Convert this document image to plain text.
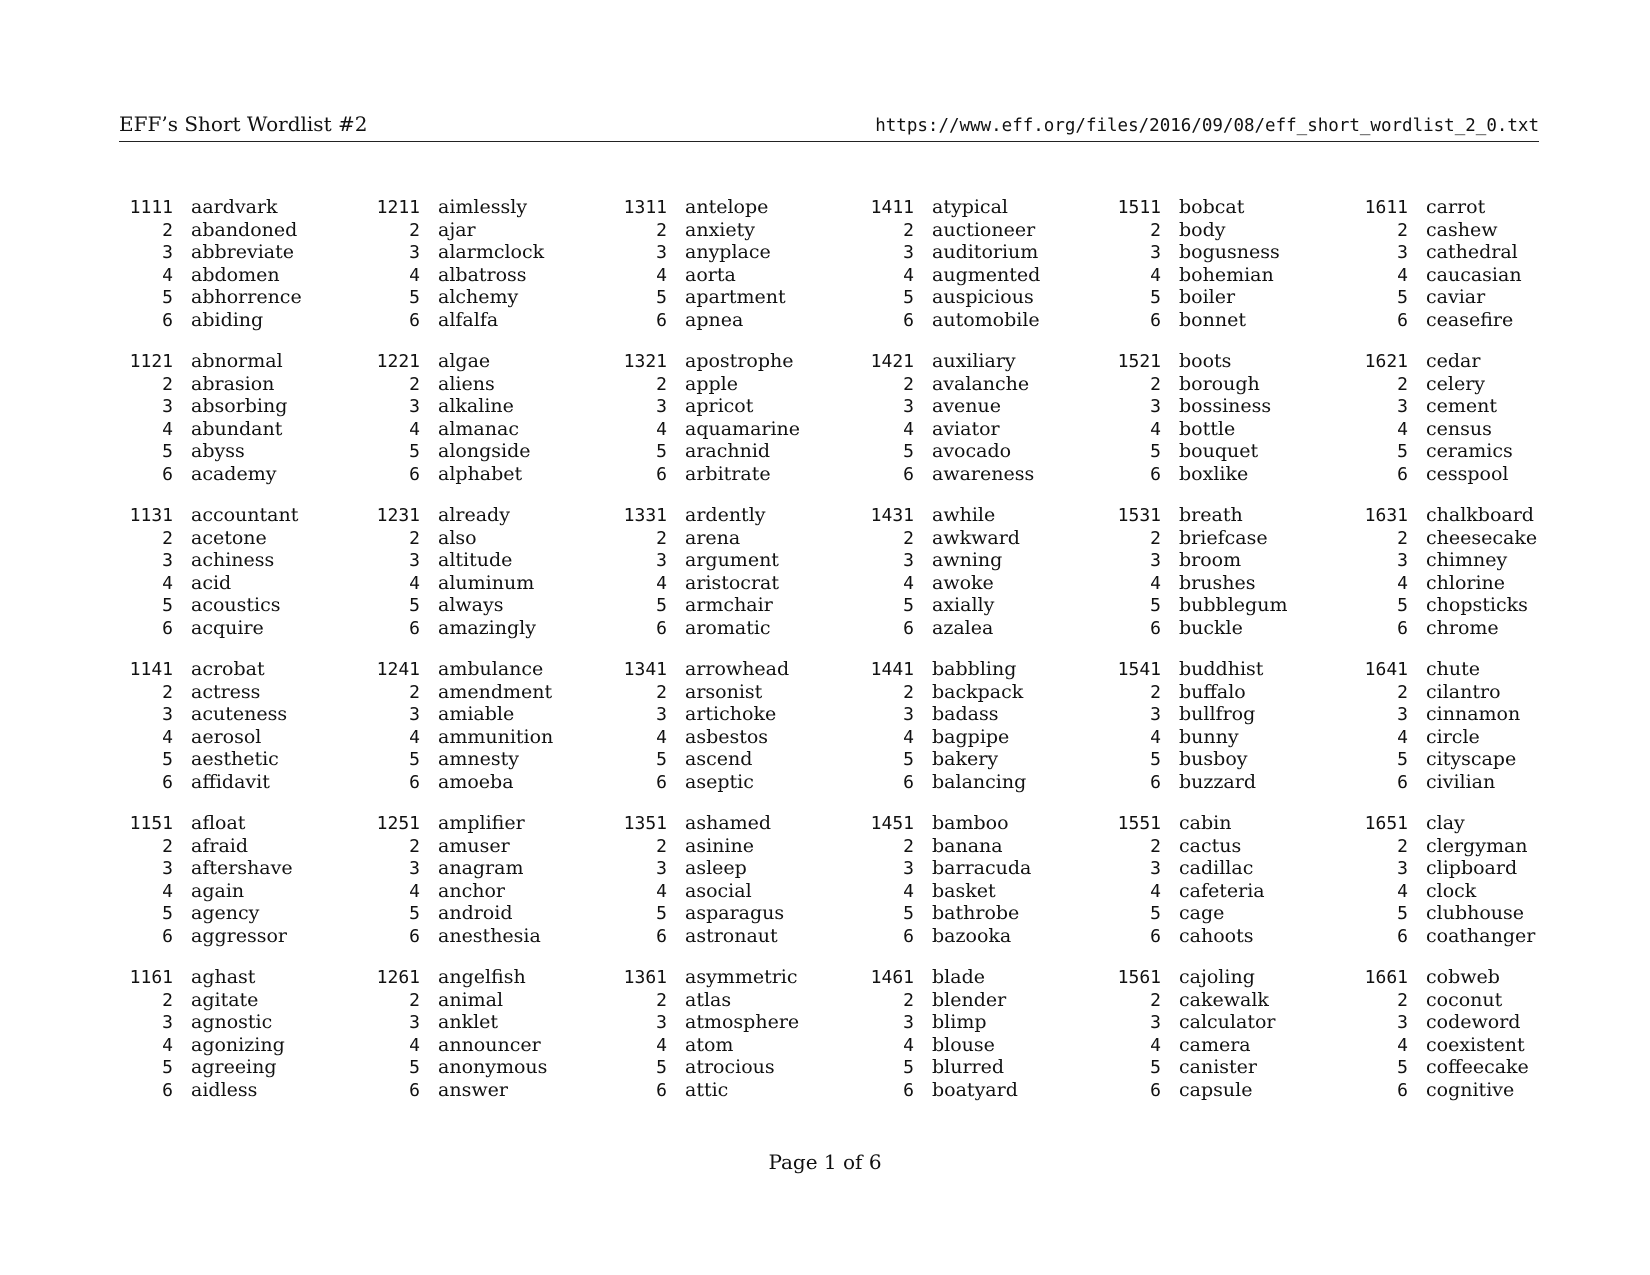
EFF’s Short Wordlist #2	https://www.eff.org/files/2016/09/08/eff_short_wordlist_2_0.txt
1111 aardvark
2 abandoned
3 abbreviate
4 abdomen
5 abhorrence
6 abiding
1121 abnormal
2 abrasion
3 absorbing
4 abundant
5 abyss
6 academy
1131 accountant
2 acetone
3 achiness
4 acid
5 acoustics
6 acquire
1141 acrobat
2 actress
3 acuteness
4 aerosol
5 aesthetic
6 affidavit
1151 afloat
2 afraid
3 aftershave
4 again
5 agency
6 aggressor
1161 aghast
2 agitate
3 agnostic
4 agonizing
5 agreeing
6 aidless
1211 aimlessly
2 ajar
3 alarmclock
4 albatross
5 alchemy
6 alfalfa
1221 algae
2 aliens
3 alkaline
4 almanac
5 alongside
6 alphabet
1231 already
2 also
3 altitude
4 aluminum
5 always
6 amazingly
1241 ambulance
2 amendment
3 amiable
4 ammunition
5 amnesty
6 amoeba
1251 amplifier
2 amuser
3 anagram
4 anchor
5 android
6 anesthesia
1261 angelfish
2 animal
3 anklet
4 announcer
5 anonymous
6 answer
1311 antelope
2 anxiety
3 anyplace
4 aorta
5 apartment
6 apnea
1321 apostrophe
2 apple
3 apricot
4 aquamarine
5 arachnid
6 arbitrate
1331 ardently
2 arena
3 argument
4 aristocrat
5 armchair
6 aromatic
1341 arrowhead
2 arsonist
3 artichoke
4 asbestos
5 ascend
6 aseptic
1351 ashamed
2 asinine
3 asleep
4 asocial
5 asparagus
6 astronaut
1361 asymmetric
2 atlas
3 atmosphere
4 atom
5 atrocious
6 attic
1411 atypical
2 auctioneer
3 auditorium
4 augmented
5 auspicious
6 automobile
1421 auxiliary
2 avalanche
3 avenue
4 aviator
5 avocado
6 awareness
1431 awhile
2 awkward
3 awning
4 awoke
5 axially
6 azalea
1441 babbling
2 backpack
3 badass
4 bagpipe
5 bakery
6 balancing
1451 bamboo
2 banana
3 barracuda
4 basket
5 bathrobe
6 bazooka
1461 blade
2 blender
3 blimp
4 blouse
5 blurred
6 boatyard
1511 bobcat
2 body
3 bogusness
4 bohemian
5 boiler
6 bonnet
1521 boots
2 borough
3 bossiness
4 bottle
5 bouquet
6 boxlike
1531 breath
2 briefcase
3 broom
4 brushes
5 bubblegum
6 buckle
1541 buddhist
2 buffalo
3 bullfrog
4 bunny
5 busboy
6 buzzard
1551 cabin
2 cactus
3 cadillac
4 cafeteria
5 cage
6 cahoots
1561 cajoling
2 cakewalk
3 calculator
4 camera
5 canister
6 capsule
1611 carrot
2 cashew
3 cathedral
4 caucasian
5 caviar
6 ceasefire
1621 cedar
2 celery
3 cement
4 census
5 ceramics
6 cesspool
1631 chalkboard
2 cheesecake
3 chimney
4 chlorine
5 chopsticks
6 chrome
1641 chute
2 cilantro
3 cinnamon
4 circle
5 cityscape
6 civilian
1651 clay
2 clergyman
3 clipboard
4 clock
5 clubhouse
6 coathanger
1661 cobweb
2 coconut
3 codeword
4 coexistent
5 coffeecake
6 cognitive
Page 1 of 6
